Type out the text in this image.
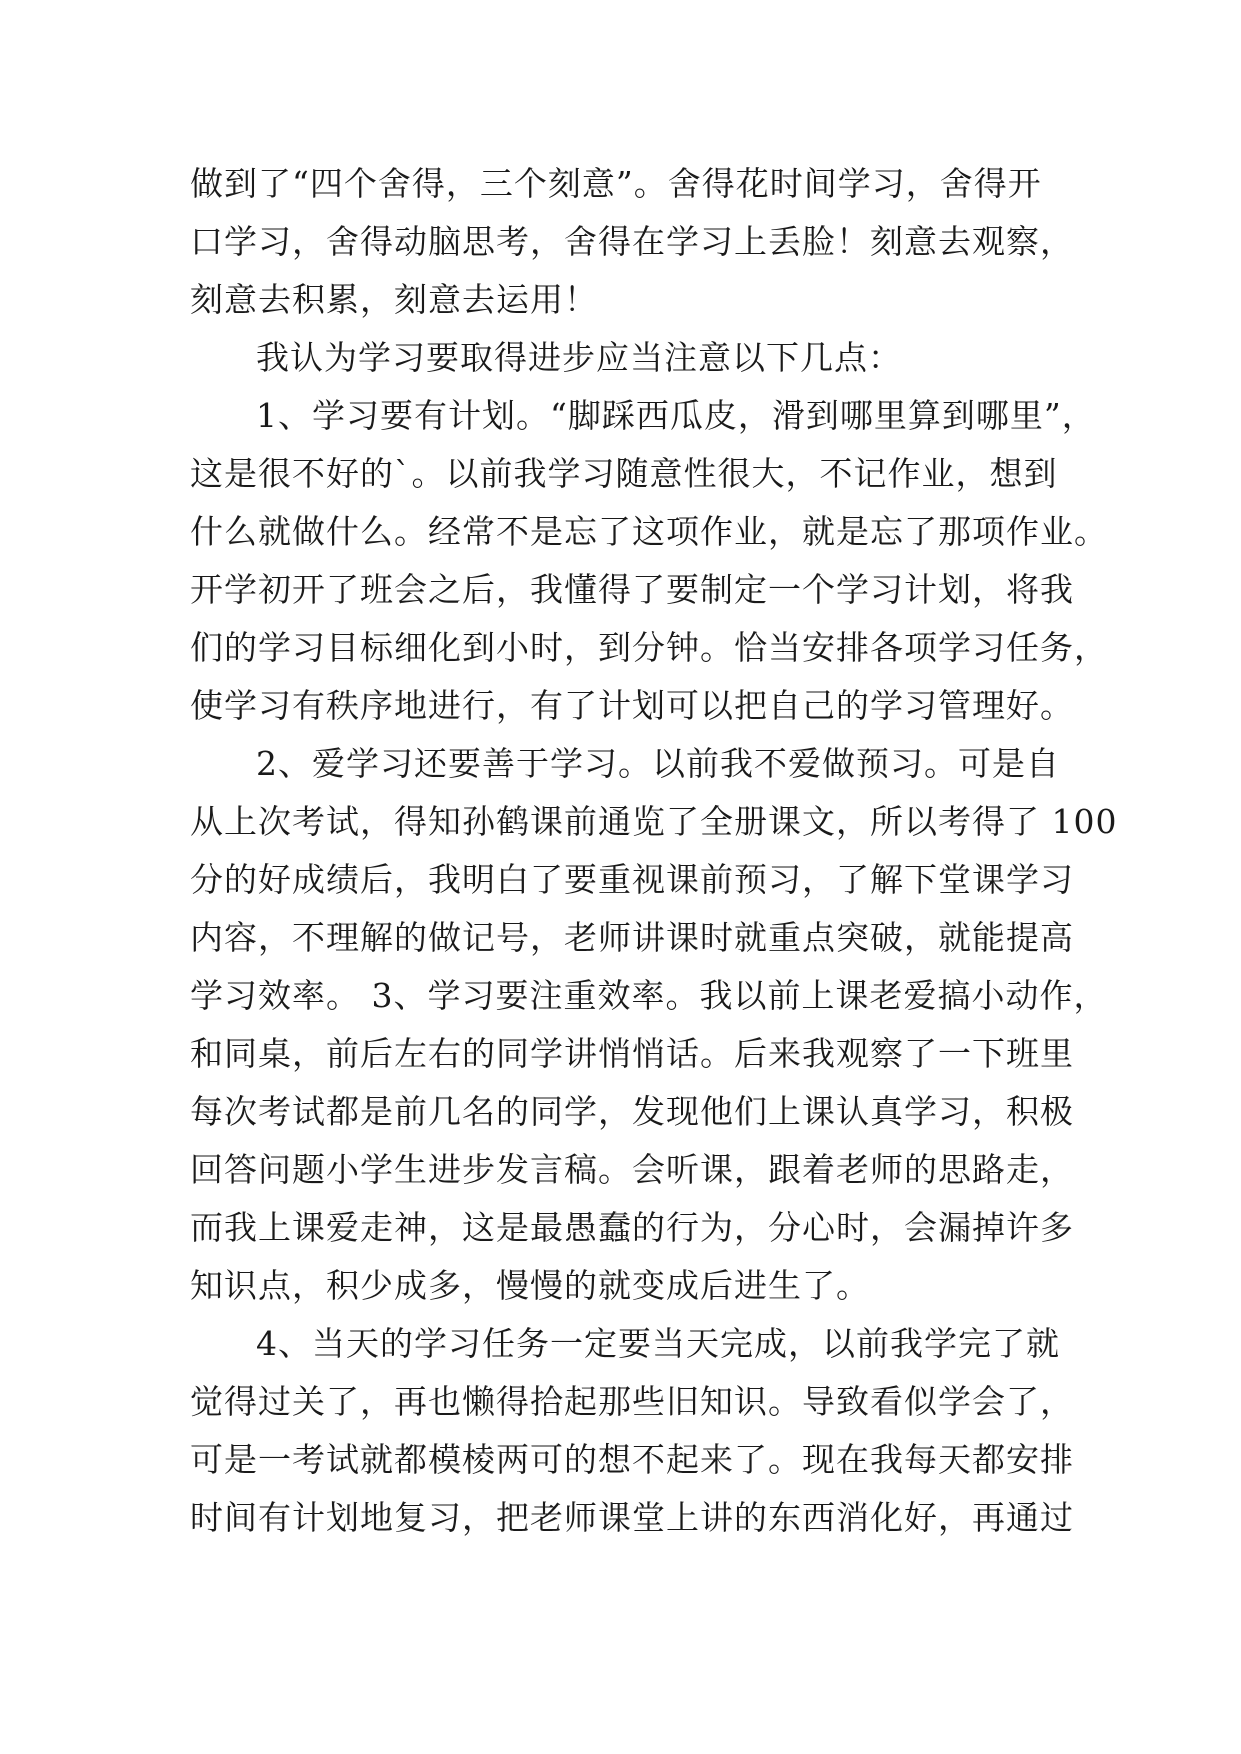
做到了“四个舍得，三个刻意”。舍得花时间学习，舍得开
口学习，舍得动脑思考，舍得在学习上丢脸！刻意去观察，
刻意去积累，刻意去运用！
我认为学习要取得进步应当注意以下几点：
1、学习要有计划。“脚踩西瓜皮，滑到哪里算到哪里”，
这是很不好的`。以前我学习随意性很大，不记作业，想到
什么就做什么。经常不是忘了这项作业，就是忘了那项作业。
开学初开了班会之后，我懂得了要制定一个学习计划，将我
们的学习目标细化到小时，到分钟。恰当安排各项学习任务，
使学习有秩序地进行，有了计划可以把自己的学习管理好。
2、爱学习还要善于学习。以前我不爱做预习。可是自
从上次考试，得知孙鹤课前通览了全册课文，所以考得了 100
分的好成绩后，我明白了要重视课前预习，了解下堂课学习
内容，不理解的做记号，老师讲课时就重点突破，就能提高
学习效率。 3、学习要注重效率。我以前上课老爱搞小动作，
和同桌，前后左右的同学讲悄悄话。后来我观察了一下班里
每次考试都是前几名的同学，发现他们上课认真学习，积极
回答问题小学生进步发言稿。会听课，跟着老师的思路走，
而我上课爱走神，这是最愚蠢的行为，分心时，会漏掉许多
知识点，积少成多，慢慢的就变成后进生了。
4、当天的学习任务一定要当天完成，以前我学完了就
觉得过关了，再也懒得拾起那些旧知识。导致看似学会了，
可是一考试就都模棱两可的想不起来了。现在我每天都安排
时间有计划地复习，把老师课堂上讲的东西消化好，再通过
